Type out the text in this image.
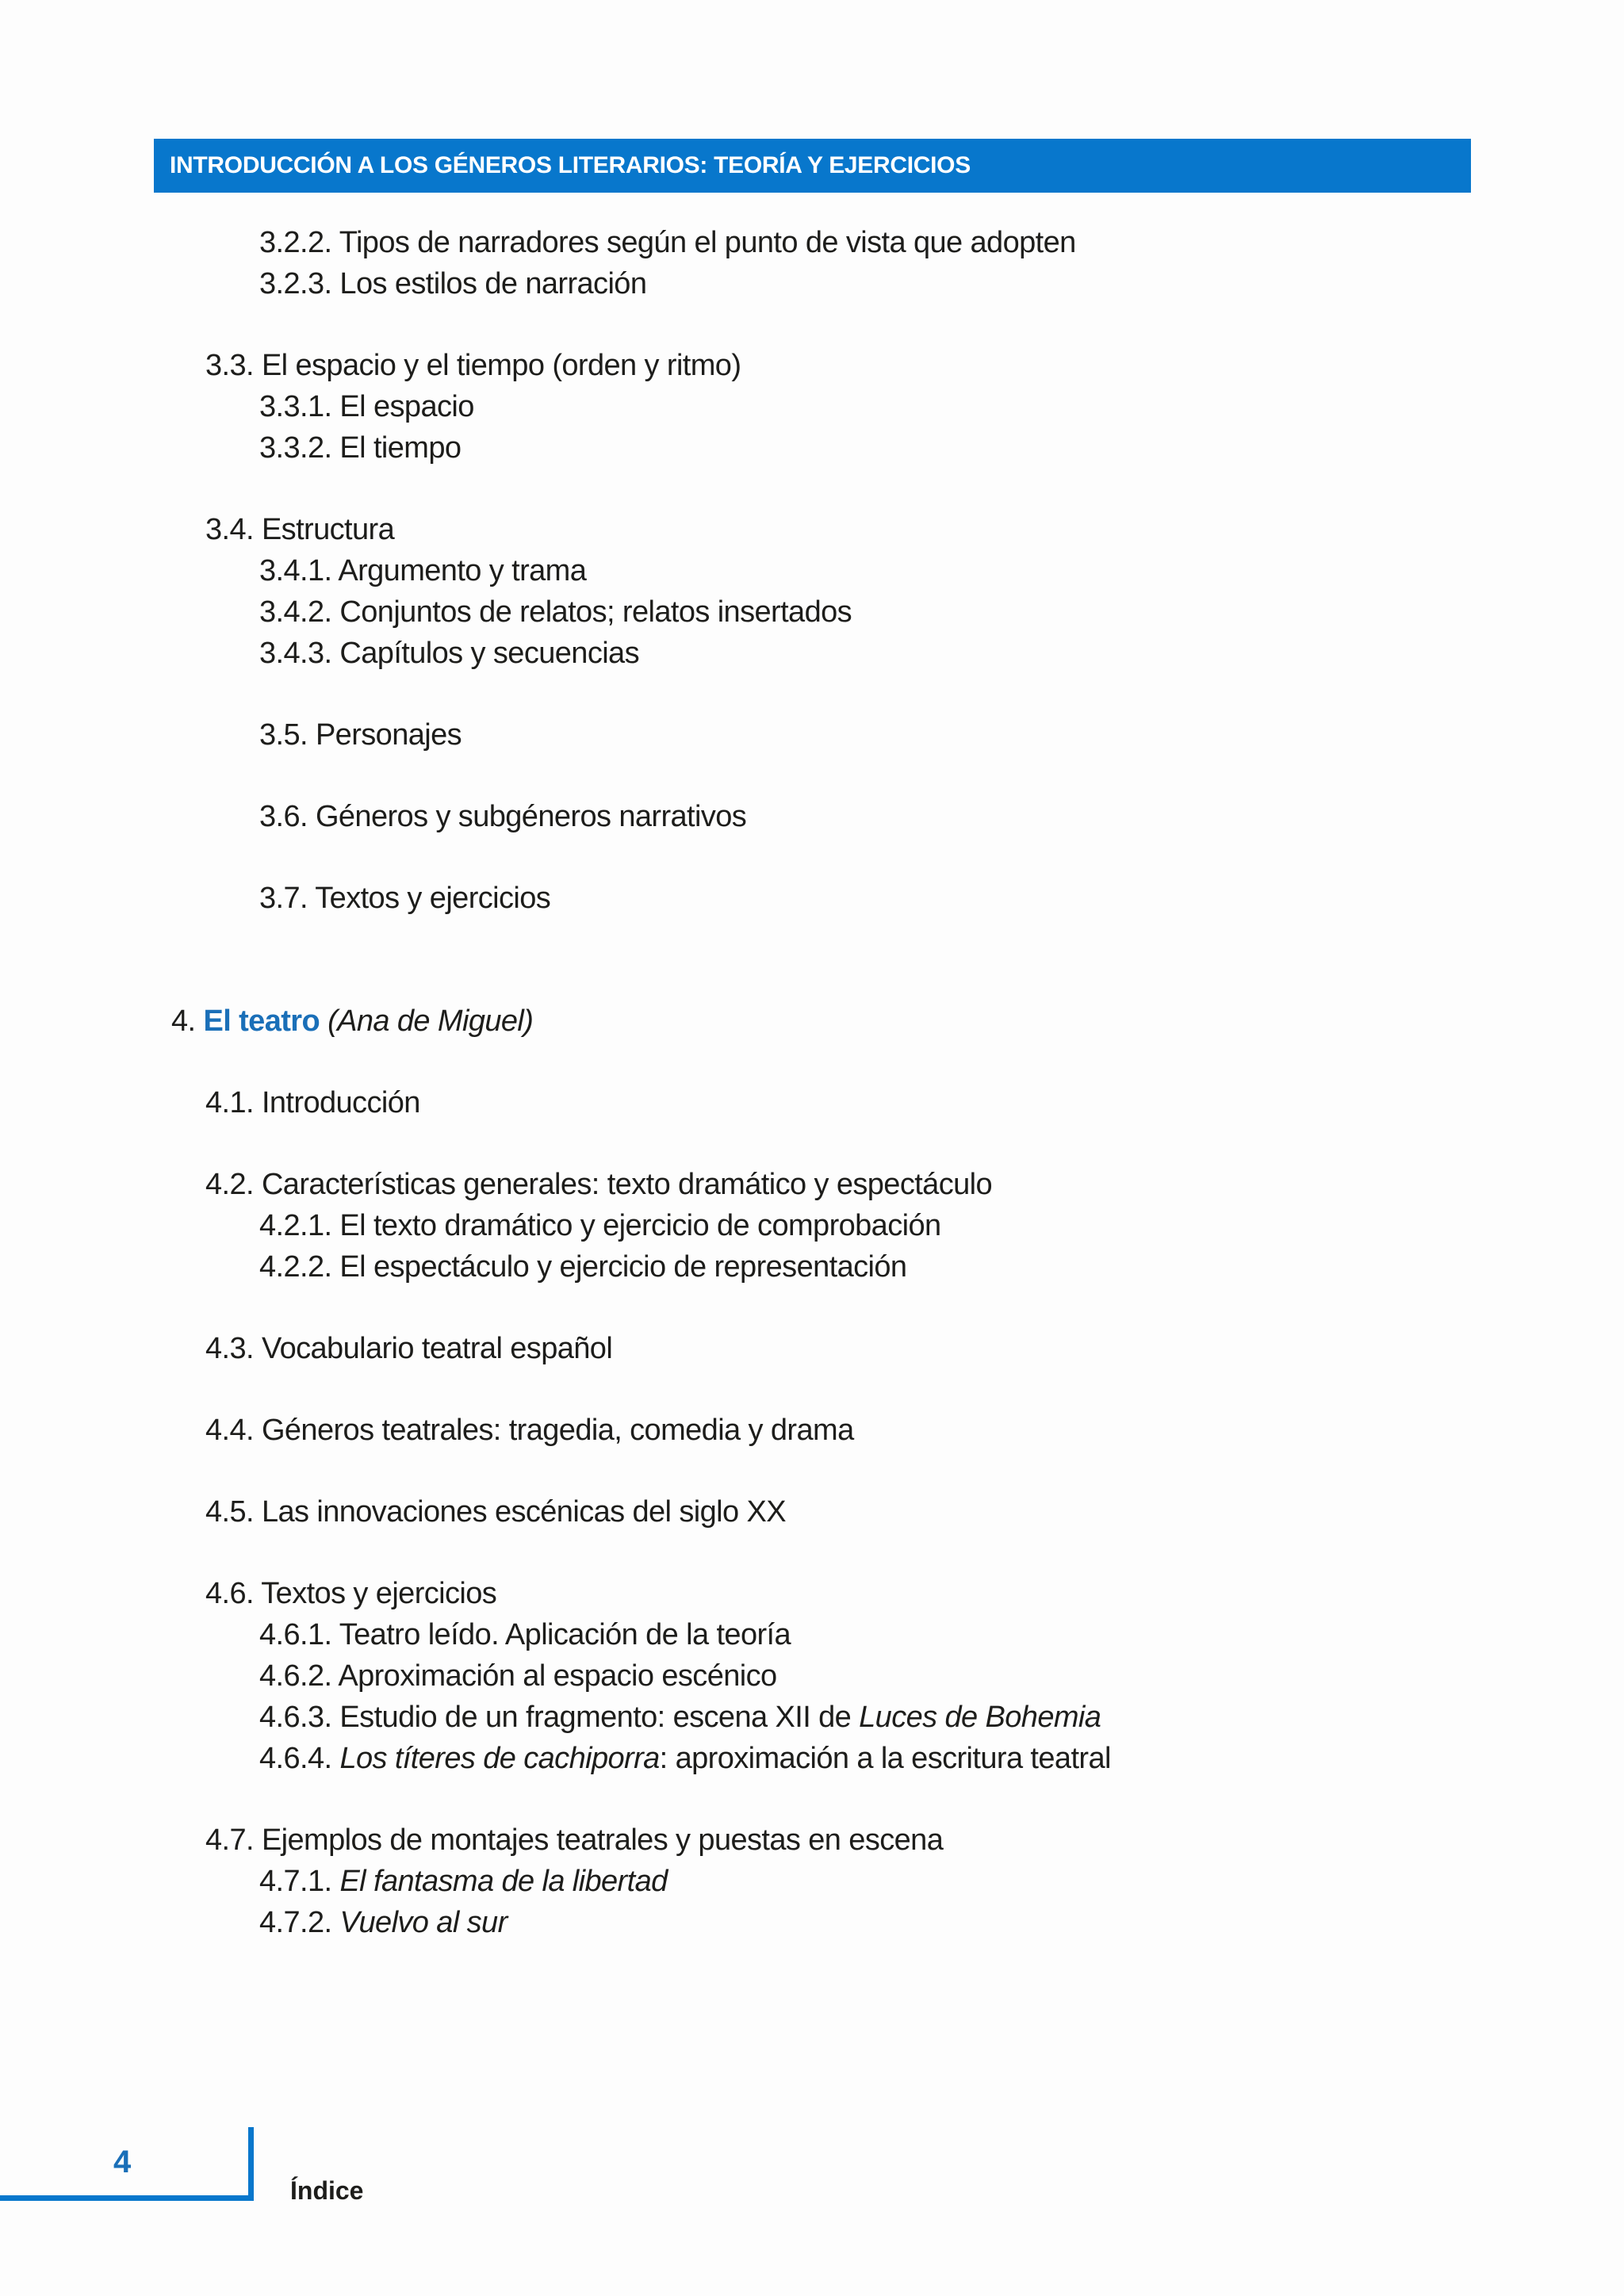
INTRODUCCIÓN A LOS GÉNEROS LITERARIOS: TEORÍA Y EJERCICIOS
3.2.2. Tipos de narradores según el punto de vista que adopten
3.2.3. Los estilos de narración
3.3. El espacio y el tiempo (orden y ritmo)
3.3.1. El espacio
3.3.2. El tiempo
3.4. Estructura
3.4.1. Argumento y trama
3.4.2. Conjuntos de relatos; relatos insertados
3.4.3. Capítulos y secuencias
3.5. Personajes
3.6. Géneros y subgéneros narrativos
3.7. Textos y ejercicios
4. El teatro (Ana de Miguel)
4.1. Introducción
4.2. Características generales: texto dramático y espectáculo
4.2.1. El texto dramático y ejercicio de comprobación
4.2.2. El espectáculo y ejercicio de representación
4.3. Vocabulario teatral español
4.4. Géneros teatrales: tragedia, comedia y drama
4.5. Las innovaciones escénicas del siglo XX
4.6. Textos y ejercicios
4.6.1. Teatro leído. Aplicación de la teoría
4.6.2. Aproximación al espacio escénico
4.6.3. Estudio de un fragmento: escena XII de Luces de Bohemia
4.6.4. Los títeres de cachiporra: aproximación a la escritura teatral
4.7. Ejemplos de montajes teatrales y puestas en escena
4.7.1. El fantasma de la libertad
4.7.2. Vuelvo al sur
4
Índice
